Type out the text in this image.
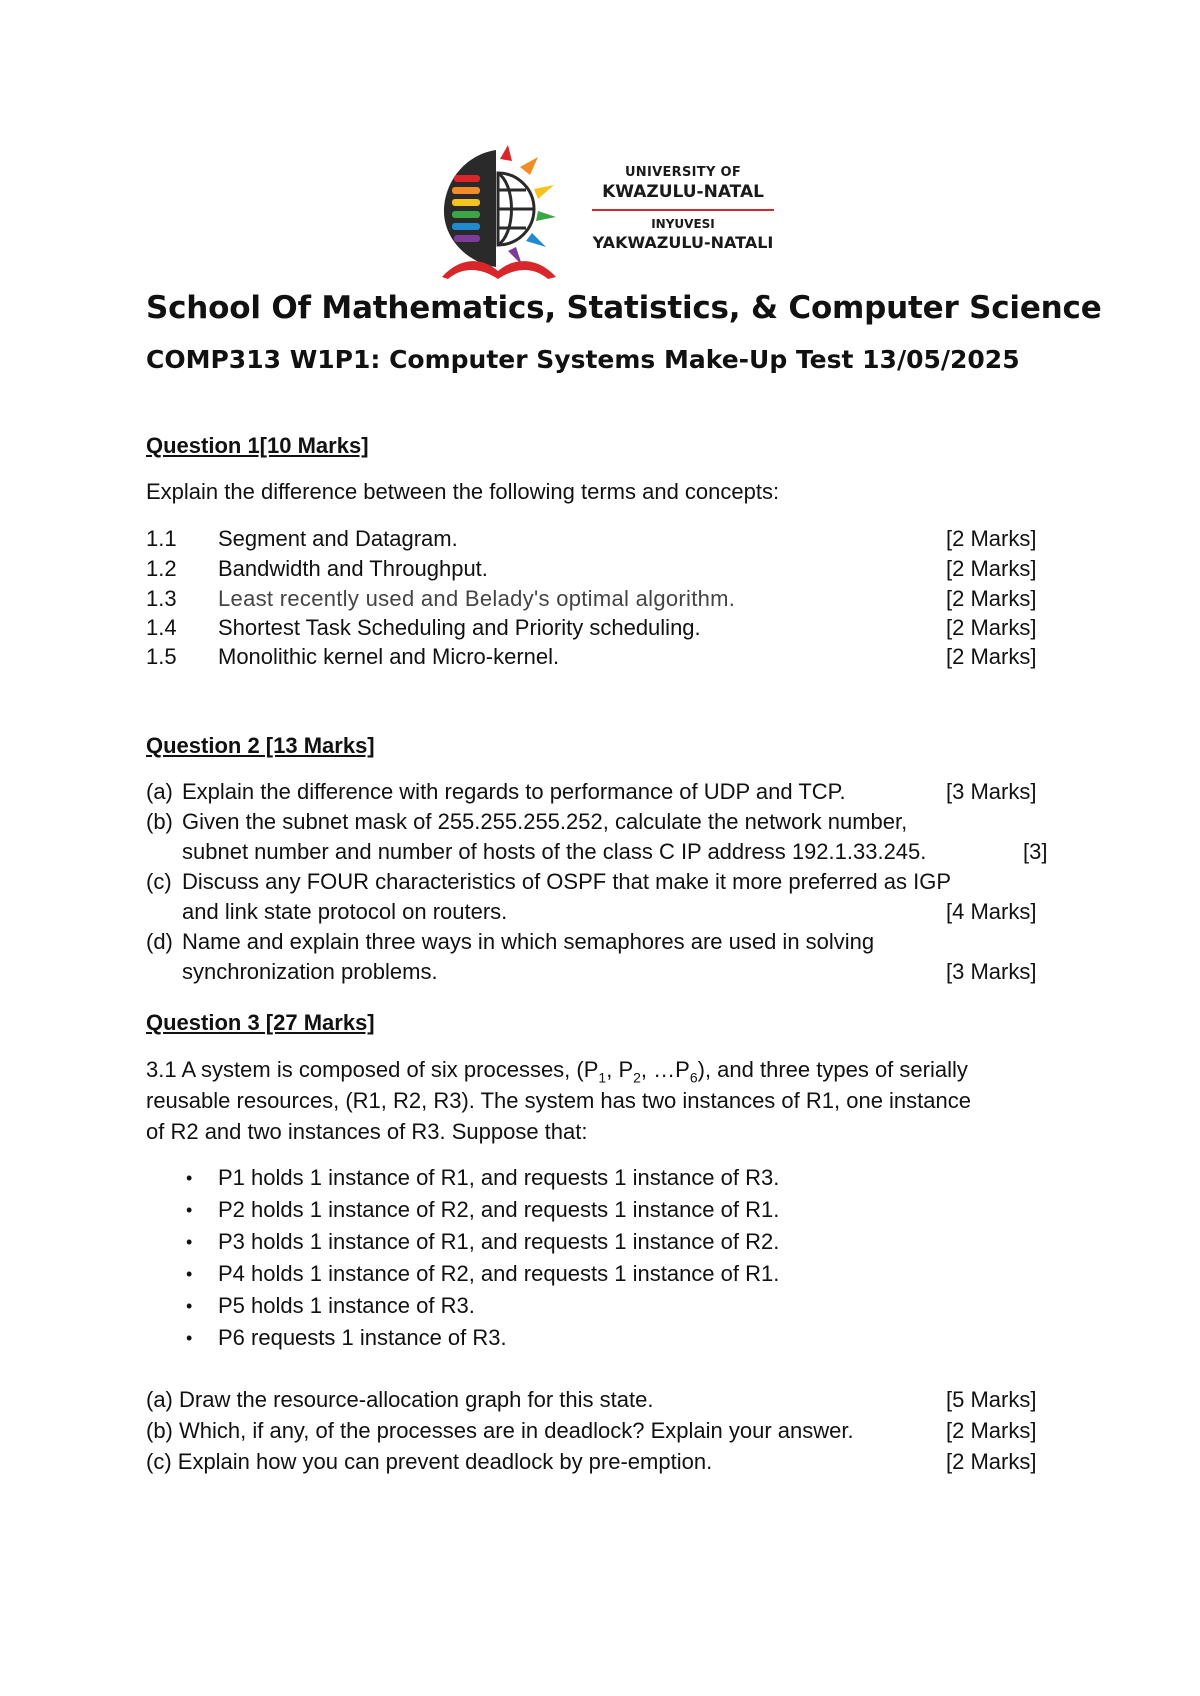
UNIVERSITY OF
KWAZULU-NATAL
INYUVESI
YAKWAZULU-NATALI
School Of Mathematics, Statistics, & Computer Science
COMP313 W1P1: Computer Systems Make-Up Test 13/05/2025
Question 1[10 Marks]
Explain the difference between the following terms and concepts:
1.1 Segment and Datagram.	[2 Marks]
1.2 Bandwidth and Throughput.	[2 Marks]
1.3 Least recently used and Belady's optimal algorithm.	[2 Marks]
1.4 Shortest Task Scheduling and Priority scheduling.	[2 Marks]
1.5 Monolithic kernel and Micro-kernel.	[2 Marks]
Question 2 [13 Marks]
(a) Explain the difference with regards to performance of UDP and TCP.	[3 Marks]
(b) Given the subnet mask of 255.255.255.252, calculate the network number,
subnet number and number of hosts of the class C IP address 192.1.33.245.	[3]
(c) Discuss any FOUR characteristics of OSPF that make it more preferred as IGP
and link state protocol on routers.	[4 Marks]
(d) Name and explain three ways in which semaphores are used in solving
synchronization problems.	[3 Marks]
Question 3 [27 Marks]
3.1 A system is composed of six processes, ($P_1$, $P_2$, $\dots P_6$), and three types of serially
reusable resources, (R1, R2, R3). The system has two instances of R1, one instance
of R2 and two instances of R3. Suppose that:
• P1 holds 1 instance of R1, and requests 1 instance of R3.
• P2 holds 1 instance of R2, and requests 1 instance of R1.
• P3 holds 1 instance of R1, and requests 1 instance of R2.
• P4 holds 1 instance of R2, and requests 1 instance of R1.
• P5 holds 1 instance of R3.
• P6 requests 1 instance of R3.
(a) Draw the resource-allocation graph for this state.	[5 Marks]
(b) Which, if any, of the processes are in deadlock? Explain your answer.	[2 Marks]
(c) Explain how you can prevent deadlock by pre-emption.	[2 Marks]
